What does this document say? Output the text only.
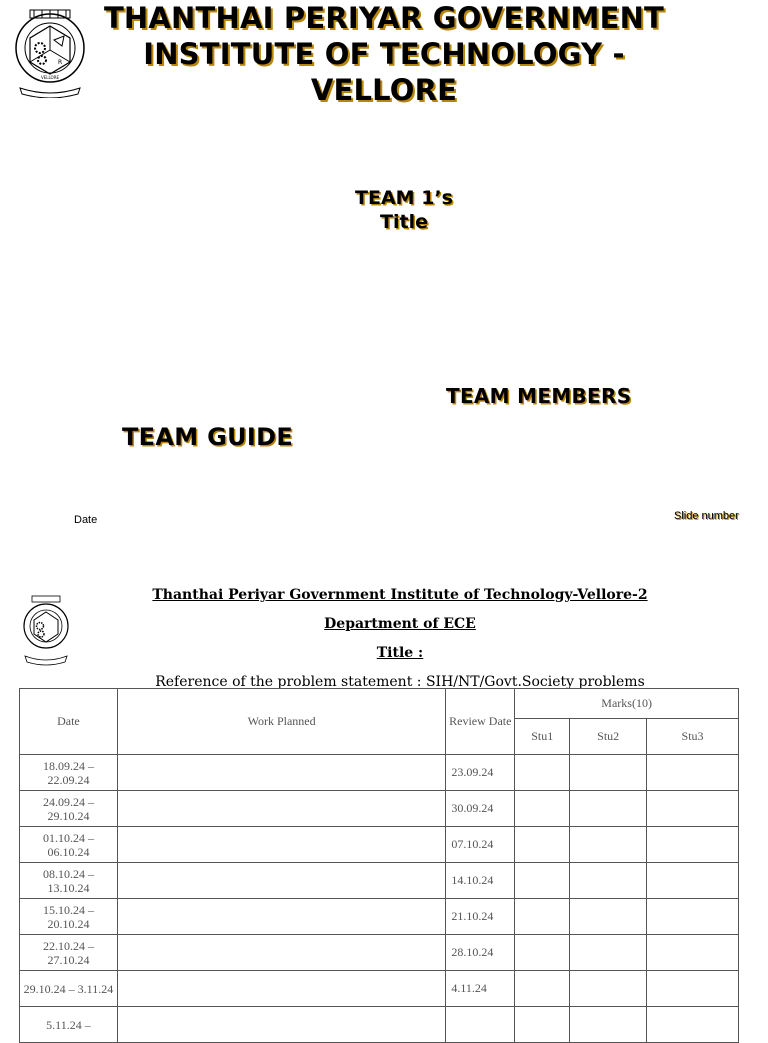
R
VELLORE
THANTHAI PERIYAR GOVERNMENT INSTITUTE OF TECHNOLOGY - VELLORE
TEAM 1’s
Title
TEAM MEMBERS
TEAM GUIDE
Date	Slide number
Thanthai Periyar Government Institute of Technology-Vellore-2
Department of ECE
Title :
Reference of the problem statement : SIH/NT/Govt.Society problems
Date	Work Planned	Review Date	Marks(10)		
			Stu1	Stu2	Stu3
18.09.24 – 22.09.24		23.09.24			
24.09.24 – 29.10.24		30.09.24			
01.10.24 – 06.10.24		07.10.24			
08.10.24 – 13.10.24		14.10.24			
15.10.24 – 20.10.24		21.10.24			
22.10.24 – 27.10.24		28.10.24			
29.10.24 – 3.11.24		4.11.24			
5.11.24 –					
